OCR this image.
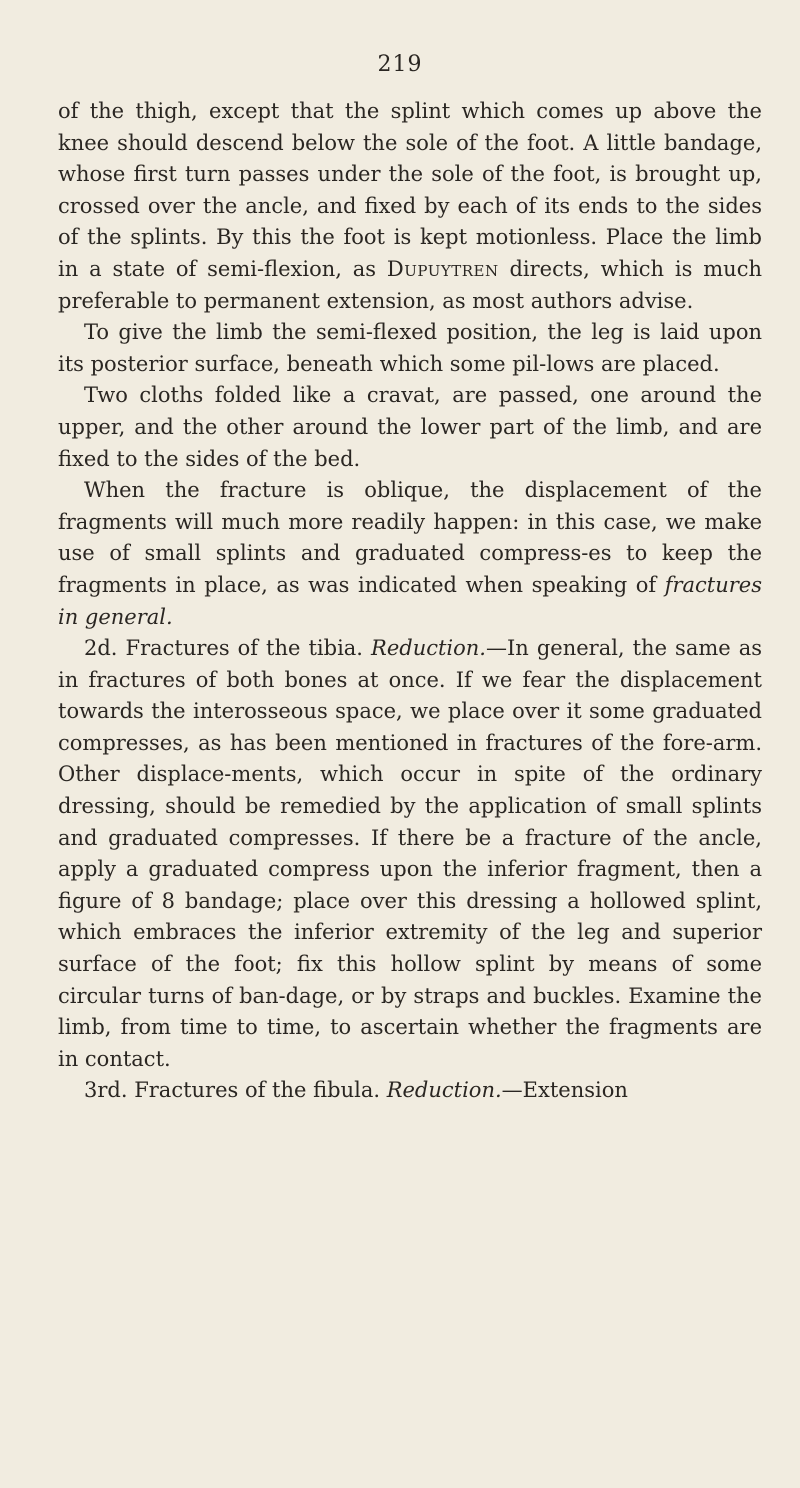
219

of the thigh, except that the splint which comes up above the knee should descend below the sole of the foot. A little bandage, whose first turn passes under the sole of the foot, is brought up, crossed over the ancle, and fixed by each of its ends to the sides of the splints. By this the foot is kept motionless. Place the limb in a state of semi-flexion, as Dupuytren directs, which is much preferable to permanent extension, as most authors advise.

To give the limb the semi-flexed position, the leg is laid upon its posterior surface, beneath which some pil-lows are placed.

Two cloths folded like a cravat, are passed, one around the upper, and the other around the lower part of the limb, and are fixed to the sides of the bed.

When the fracture is oblique, the displacement of the fragments will much more readily happen: in this case, we make use of small splints and graduated compress-es to keep the fragments in place, as was indicated when speaking of fractures in general.

2d. Fractures of the tibia. Reduction.—In general, the same as in fractures of both bones at once. If we fear the displacement towards the interosseous space, we place over it some graduated compresses, as has been mentioned in fractures of the fore-arm. Other displace-ments, which occur in spite of the ordinary dressing, should be remedied by the application of small splints and graduated compresses. If there be a fracture of the ancle, apply a graduated compress upon the inferior fragment, then a figure of 8 bandage; place over this dressing a hollowed splint, which embraces the inferior extremity of the leg and superior surface of the foot; fix this hollow splint by means of some circular turns of ban-dage, or by straps and buckles. Examine the limb, from time to time, to ascertain whether the fragments are in contact.

3rd. Fractures of the fibula. Reduction.—Extension
